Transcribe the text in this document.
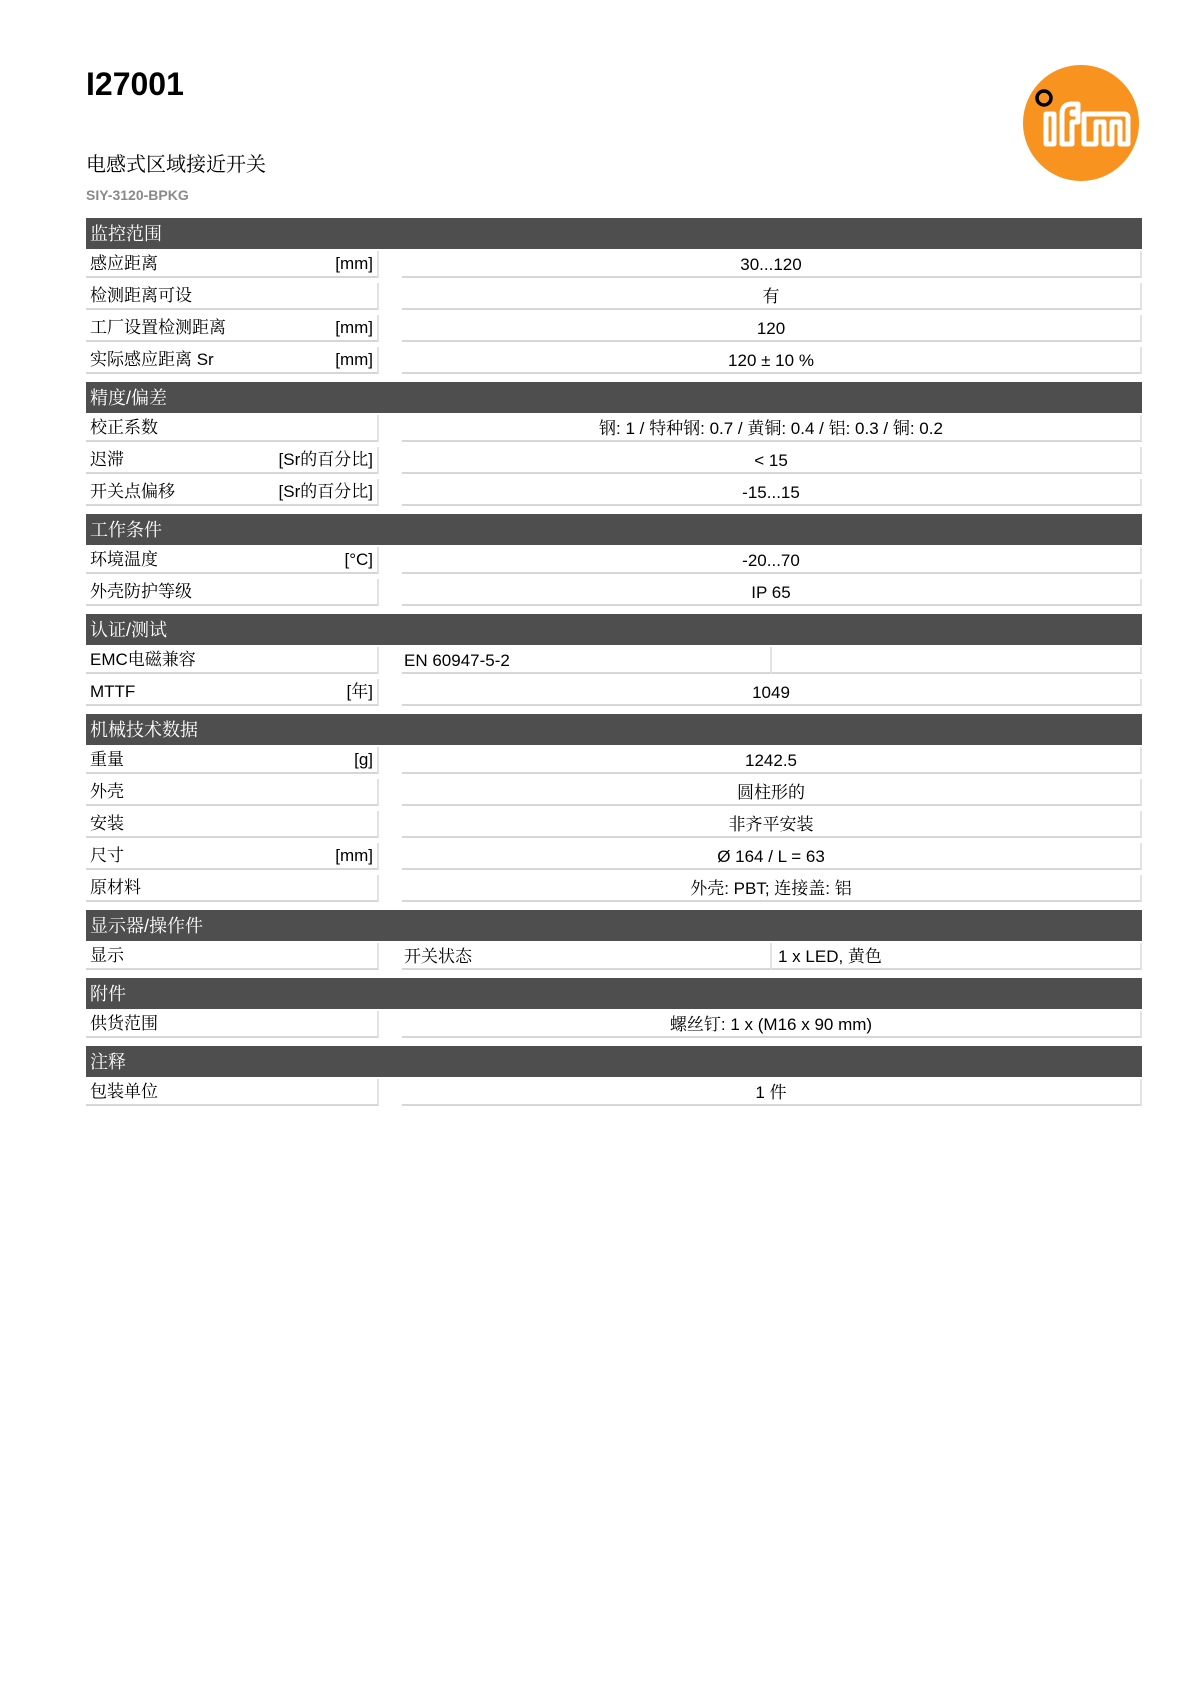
I27001
电感式区域接近开关
SIY-3120-BPKG
监控范围
感应距离	[mm]	30...120
检测距离可设	有
工厂设置检测距离	[mm]	120
实际感应距离 Sr	[mm]	120 ± 10 %
精度/偏差
校正系数	钢: 1 / 特种钢: 0.7 / 黄铜: 0.4 / 铝: 0.3 / 铜: 0.2
迟滞	[Sr的百分比]	< 15
开关点偏移	[Sr的百分比]	-15...15
工作条件
环境温度	[°C]	-20...70
外壳防护等级	IP 65
认证/测试
EMC电磁兼容	EN 60947-5-2
MTTF	[年]	1049
机械技术数据
重量	[g]	1242.5
外壳	圆柱形的
安装	非齐平安装
尺寸	[mm]	Ø 164 / L = 63
原材料	外壳: PBT; 连接盖: 铝
显示器/操作件
显示	开关状态	1 x LED, 黄色
附件
供货范围	螺丝钉: 1 x (M16 x 90 mm)
注释
包装单位	1 件
